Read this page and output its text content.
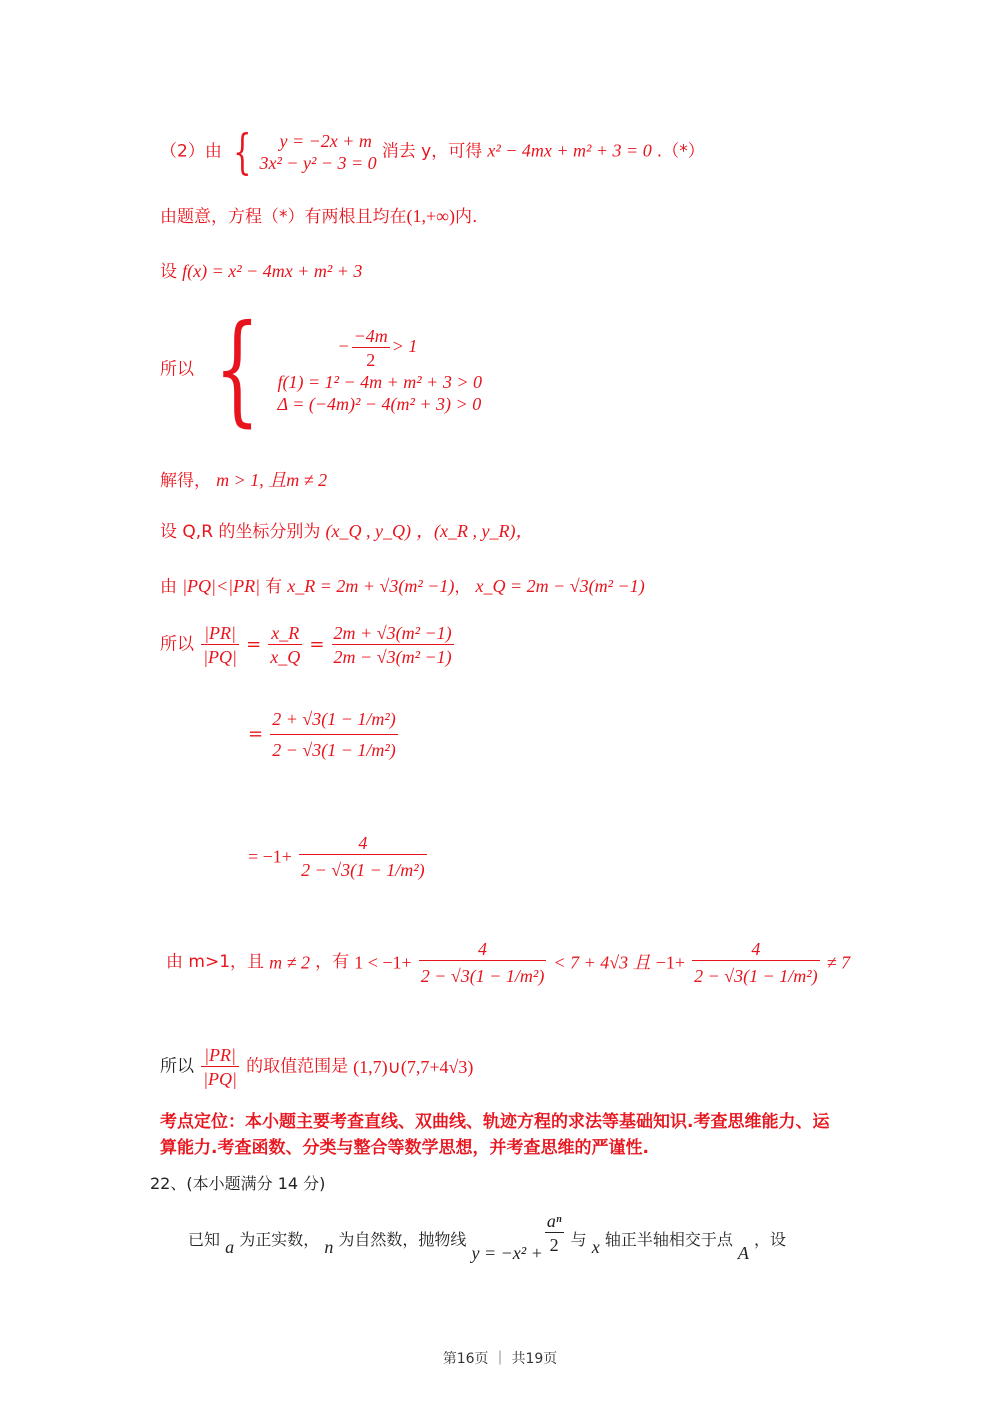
（2）由 {	y = −2x + m
3x² − y² − 3 = 0
消去 y，可得 x² − 4mx + m² + 3 = 0 .（*）
由题意，方程（*）有两根且均在(1,+∞)内.
设 f(x) = x² − 4mx + m² + 3
所以 {	− $\frac{-4m}{2} > 1$
f(1) = 1² − 4m + m² + 3 > 0
Δ = (−4m)² − 4(m² + 3) > 0
解得， m > 1, 且m ≠ 2
设 Q,R 的坐标分别为 (x_Q , y_Q) ，(x_R , y_R)，
由 |PQ|<|PR| 有 x_R = 2m + √3(m² −1)， x_Q = 2m − √3(m² −1)
所以 $\frac{|PR|}{|PQ|} = \frac{x\_R}{x\_Q} = \frac{\text{2m + √3(m² −1)}}{\text{2m − √3(m² −1)}}$
= $\frac{\text{2 + √3(1 − 1/m²)}}{\text{2 − √3(1 − 1/m²)}}$
= $-1+ \frac{4}{\text{2 − √3(1 − 1/m²)}}$
由 m>1，且 m ≠ 2 ，有 $1 < -1+ \frac{4}{\text{2 − √3(1 − 1/m²)}} < 7 + 4√3$ 且 $-1+ \frac{4}{\text{2 − √3(1 − 1/m²)}} \ne 7$
所以 $\frac{|PR|}{|PQ|}$ 的取值范围是 (1,7)∪(7,7+4√3)
考点定位：本小题主要考查直线、双曲线、轨迹方程的求法等基础知识.考查思维能力、运
算能力.考查函数、分类与整合等数学思想，并考查思维的严谨性.
22、(本小题满分 14 分)
已知 a 为正实数， n 为自然数，抛物线 $y = -x^2 + \frac{\text{aⁿ}}{2}$ 与 x 轴正半轴相交于点 A ，设
第16页 ｜ 共19页
